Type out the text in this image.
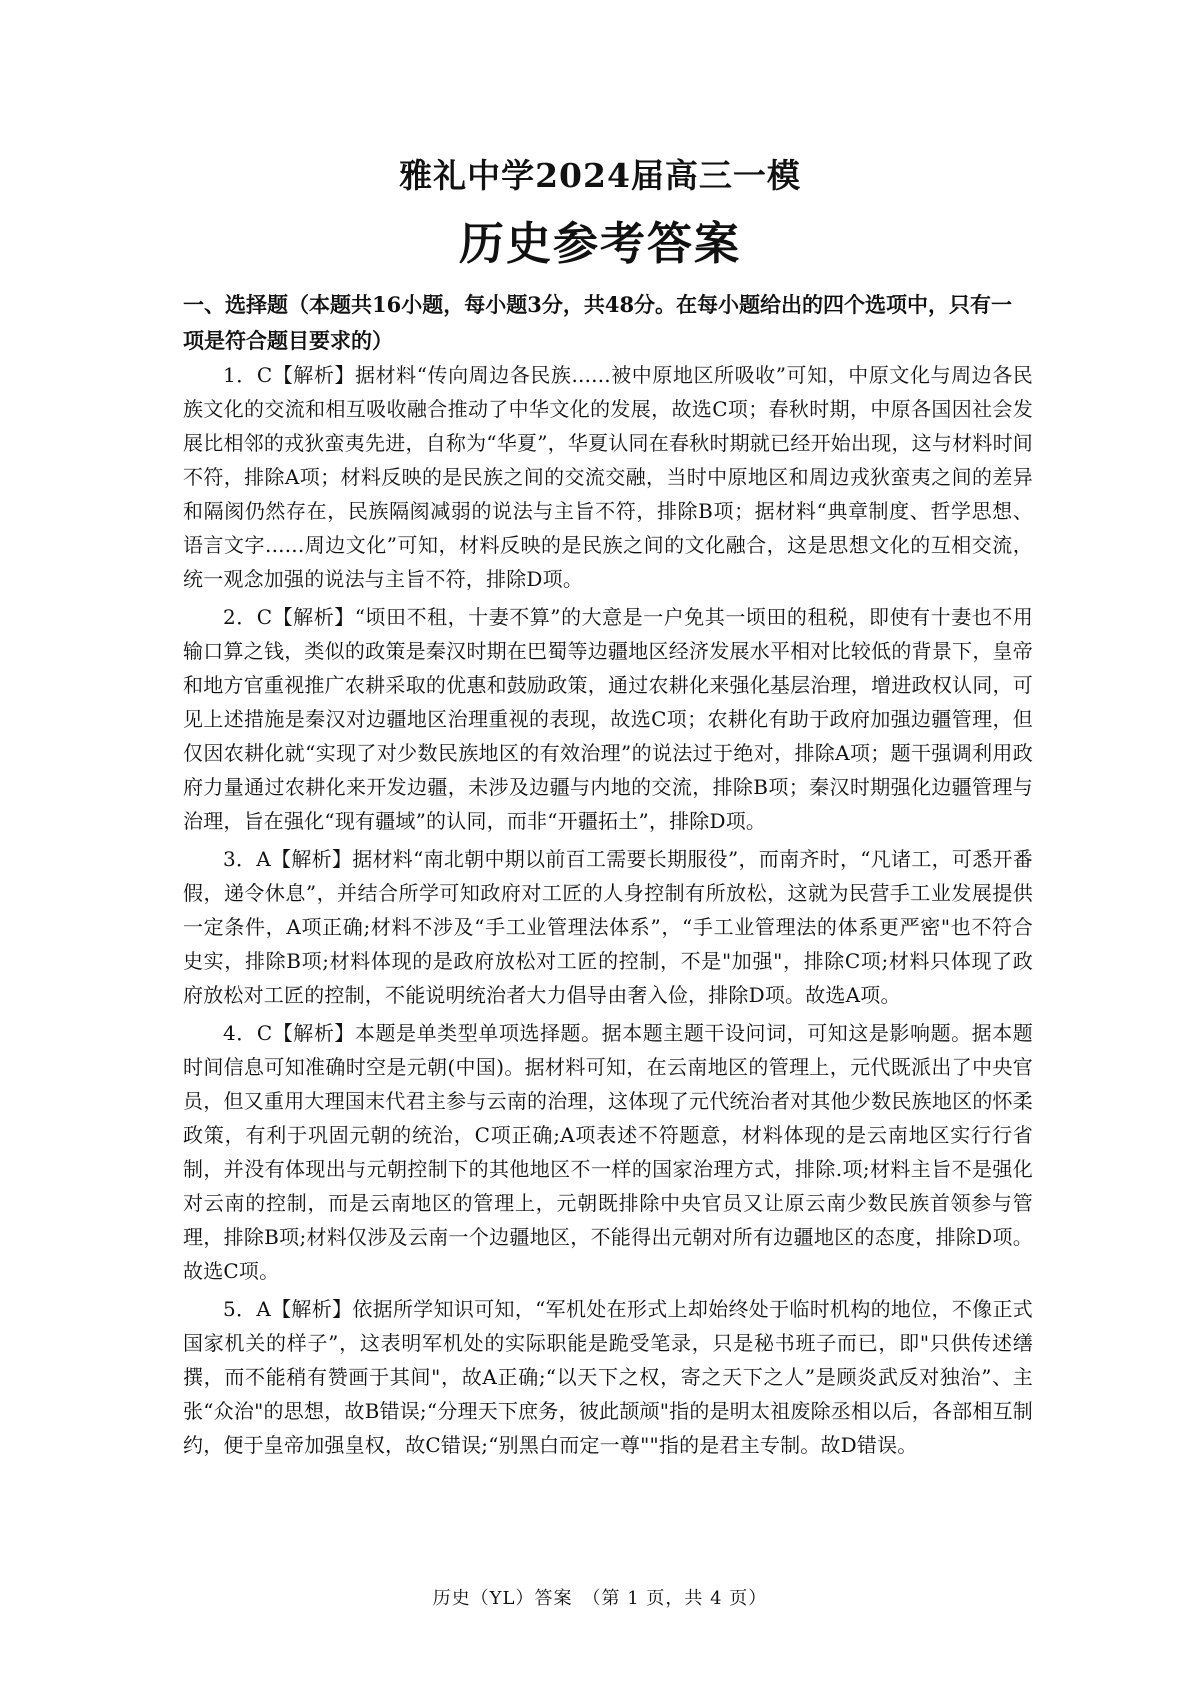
雅礼中学2024届高三一模
历史参考答案
一、选择题（本题共16小题，每小题3分，共48分。在每小题给出的四个选项中，只有一项是符合题目要求的）

1．C【解析】据材料“传向周边各民族......被中原地区所吸收”可知，中原文化与周边各民族文化的交流和相互吸收融合推动了中华文化的发展，故选C项；春秋时期，中原各国因社会发展比相邻的戎狄蛮夷先进，自称为“华夏”，华夏认同在春秋时期就已经开始出现，这与材料时间不符，排除A项；材料反映的是民族之间的交流交融，当时中原地区和周边戎狄蛮夷之间的差异和隔阂仍然存在，民族隔阂减弱的说法与主旨不符，排除B项；据材料“典章制度、哲学思想、语言文字......周边文化”可知，材料反映的是民族之间的文化融合，这是思想文化的互相交流，统一观念加强的说法与主旨不符，排除D项。

2．C【解析】“顷田不租，十妻不算”的大意是一户免其一顷田的租税，即使有十妻也不用输口算之钱，类似的政策是秦汉时期在巴蜀等边疆地区经济发展水平相对比较低的背景下，皇帝和地方官重视推广农耕采取的优惠和鼓励政策，通过农耕化来强化基层治理，增进政权认同，可见上述措施是秦汉对边疆地区治理重视的表现，故选C项；农耕化有助于政府加强边疆管理，但仅因农耕化就“实现了对少数民族地区的有效治理”的说法过于绝对，排除A项；题干强调利用政府力量通过农耕化来开发边疆，未涉及边疆与内地的交流，排除B项；秦汉时期强化边疆管理与治理，旨在强化“现有疆域”的认同，而非“开疆拓土”，排除D项。

3．A【解析】据材料“南北朝中期以前百工需要长期服役”，而南齐时，“凡诸工，可悉开番假，递令休息”，并结合所学可知政府对工匠的人身控制有所放松，这就为民营手工业发展提供一定条件，A项正确;材料不涉及“手工业管理法体系”，“手工业管理法的体系更严密"也不符合史实，排除B项;材料体现的是政府放松对工匠的控制，不是"加强"，排除C项;材料只体现了政府放松对工匠的控制，不能说明统治者大力倡导由奢入俭，排除D项。故选A项。

4．C【解析】本题是单类型单项选择题。据本题主题干设问词，可知这是影响题。据本题时间信息可知准确时空是元朝(中国)。据材料可知，在云南地区的管理上，元代既派出了中央官员，但又重用大理国末代君主参与云南的治理，这体现了元代统治者对其他少数民族地区的怀柔政策，有利于巩固元朝的统治，C项正确;A项表述不符题意，材料体现的是云南地区实行行省制，并没有体现出与元朝控制下的其他地区不一样的国家治理方式，排除.项;材料主旨不是强化对云南的控制，而是云南地区的管理上，元朝既排除中央官员又让原云南少数民族首领参与管理，排除B项;材料仅涉及云南一个边疆地区，不能得出元朝对所有边疆地区的态度，排除D项。故选C项。

5．A【解析】依据所学知识可知，“军机处在形式上却始终处于临时机构的地位，不像正式国家机关的样子”，这表明军机处的实际职能是跪受笔录，只是秘书班子而已，即"只供传述缮撰，而不能稍有赞画于其间"，故A正确;“以天下之权，寄之天下之人”是顾炎武反对独治”、主张“众治"的思想，故B错误;“分理天下庶务，彼此颉颃"指的是明太祖废除丞相以后，各部相互制约，便于皇帝加强皇权，故C错误;“别黑白而定一尊""指的是君主专制。故D错误。

历史（YL）答案　（第 1 页，共 4 页）
